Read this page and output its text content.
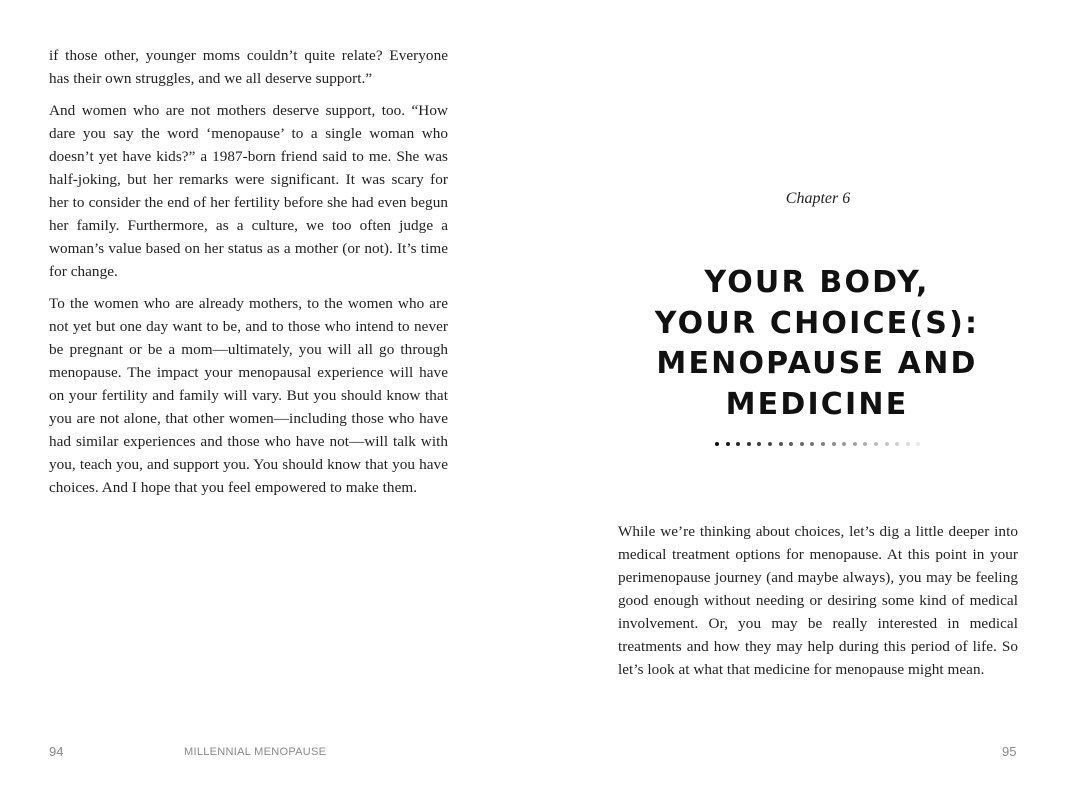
if those other, younger moms couldn’t quite relate? Everyone has their own struggles, and we all deserve support.”

And women who are not mothers deserve support, too. “How dare you say the word ‘menopause’ to a single woman who doesn’t yet have kids?” a 1987-born friend said to me. She was half-joking, but her remarks were significant. It was scary for her to consider the end of her fertility before she had even begun her family. Furthermore, as a culture, we too often judge a woman’s value based on her status as a mother (or not). It’s time for change.

To the women who are already mothers, to the women who are not yet but one day want to be, and to those who intend to never be pregnant or be a mom—ultimately, you will all go through menopause. The impact your menopausal experience will have on your fertility and family will vary. But you should know that you are not alone, that other women—including those who have had similar experiences and those who have not—will talk with you, teach you, and support you. You should know that you have choices. And I hope that you feel empowered to make them.

94	MILLENNIAL MENOPAUSE
Chapter 6
YOUR BODY,
YOUR CHOICE(S):
MENOPAUSE AND
MEDICINE

While we’re thinking about choices, let’s dig a little deeper into medical treatment options for menopause. At this point in your perimenopause journey (and maybe always), you may be feeling good enough without needing or desiring some kind of medical involvement. Or, you may be really interested in medical treatments and how they may help during this period of life. So let’s look at what that medicine for menopause might mean.

95
